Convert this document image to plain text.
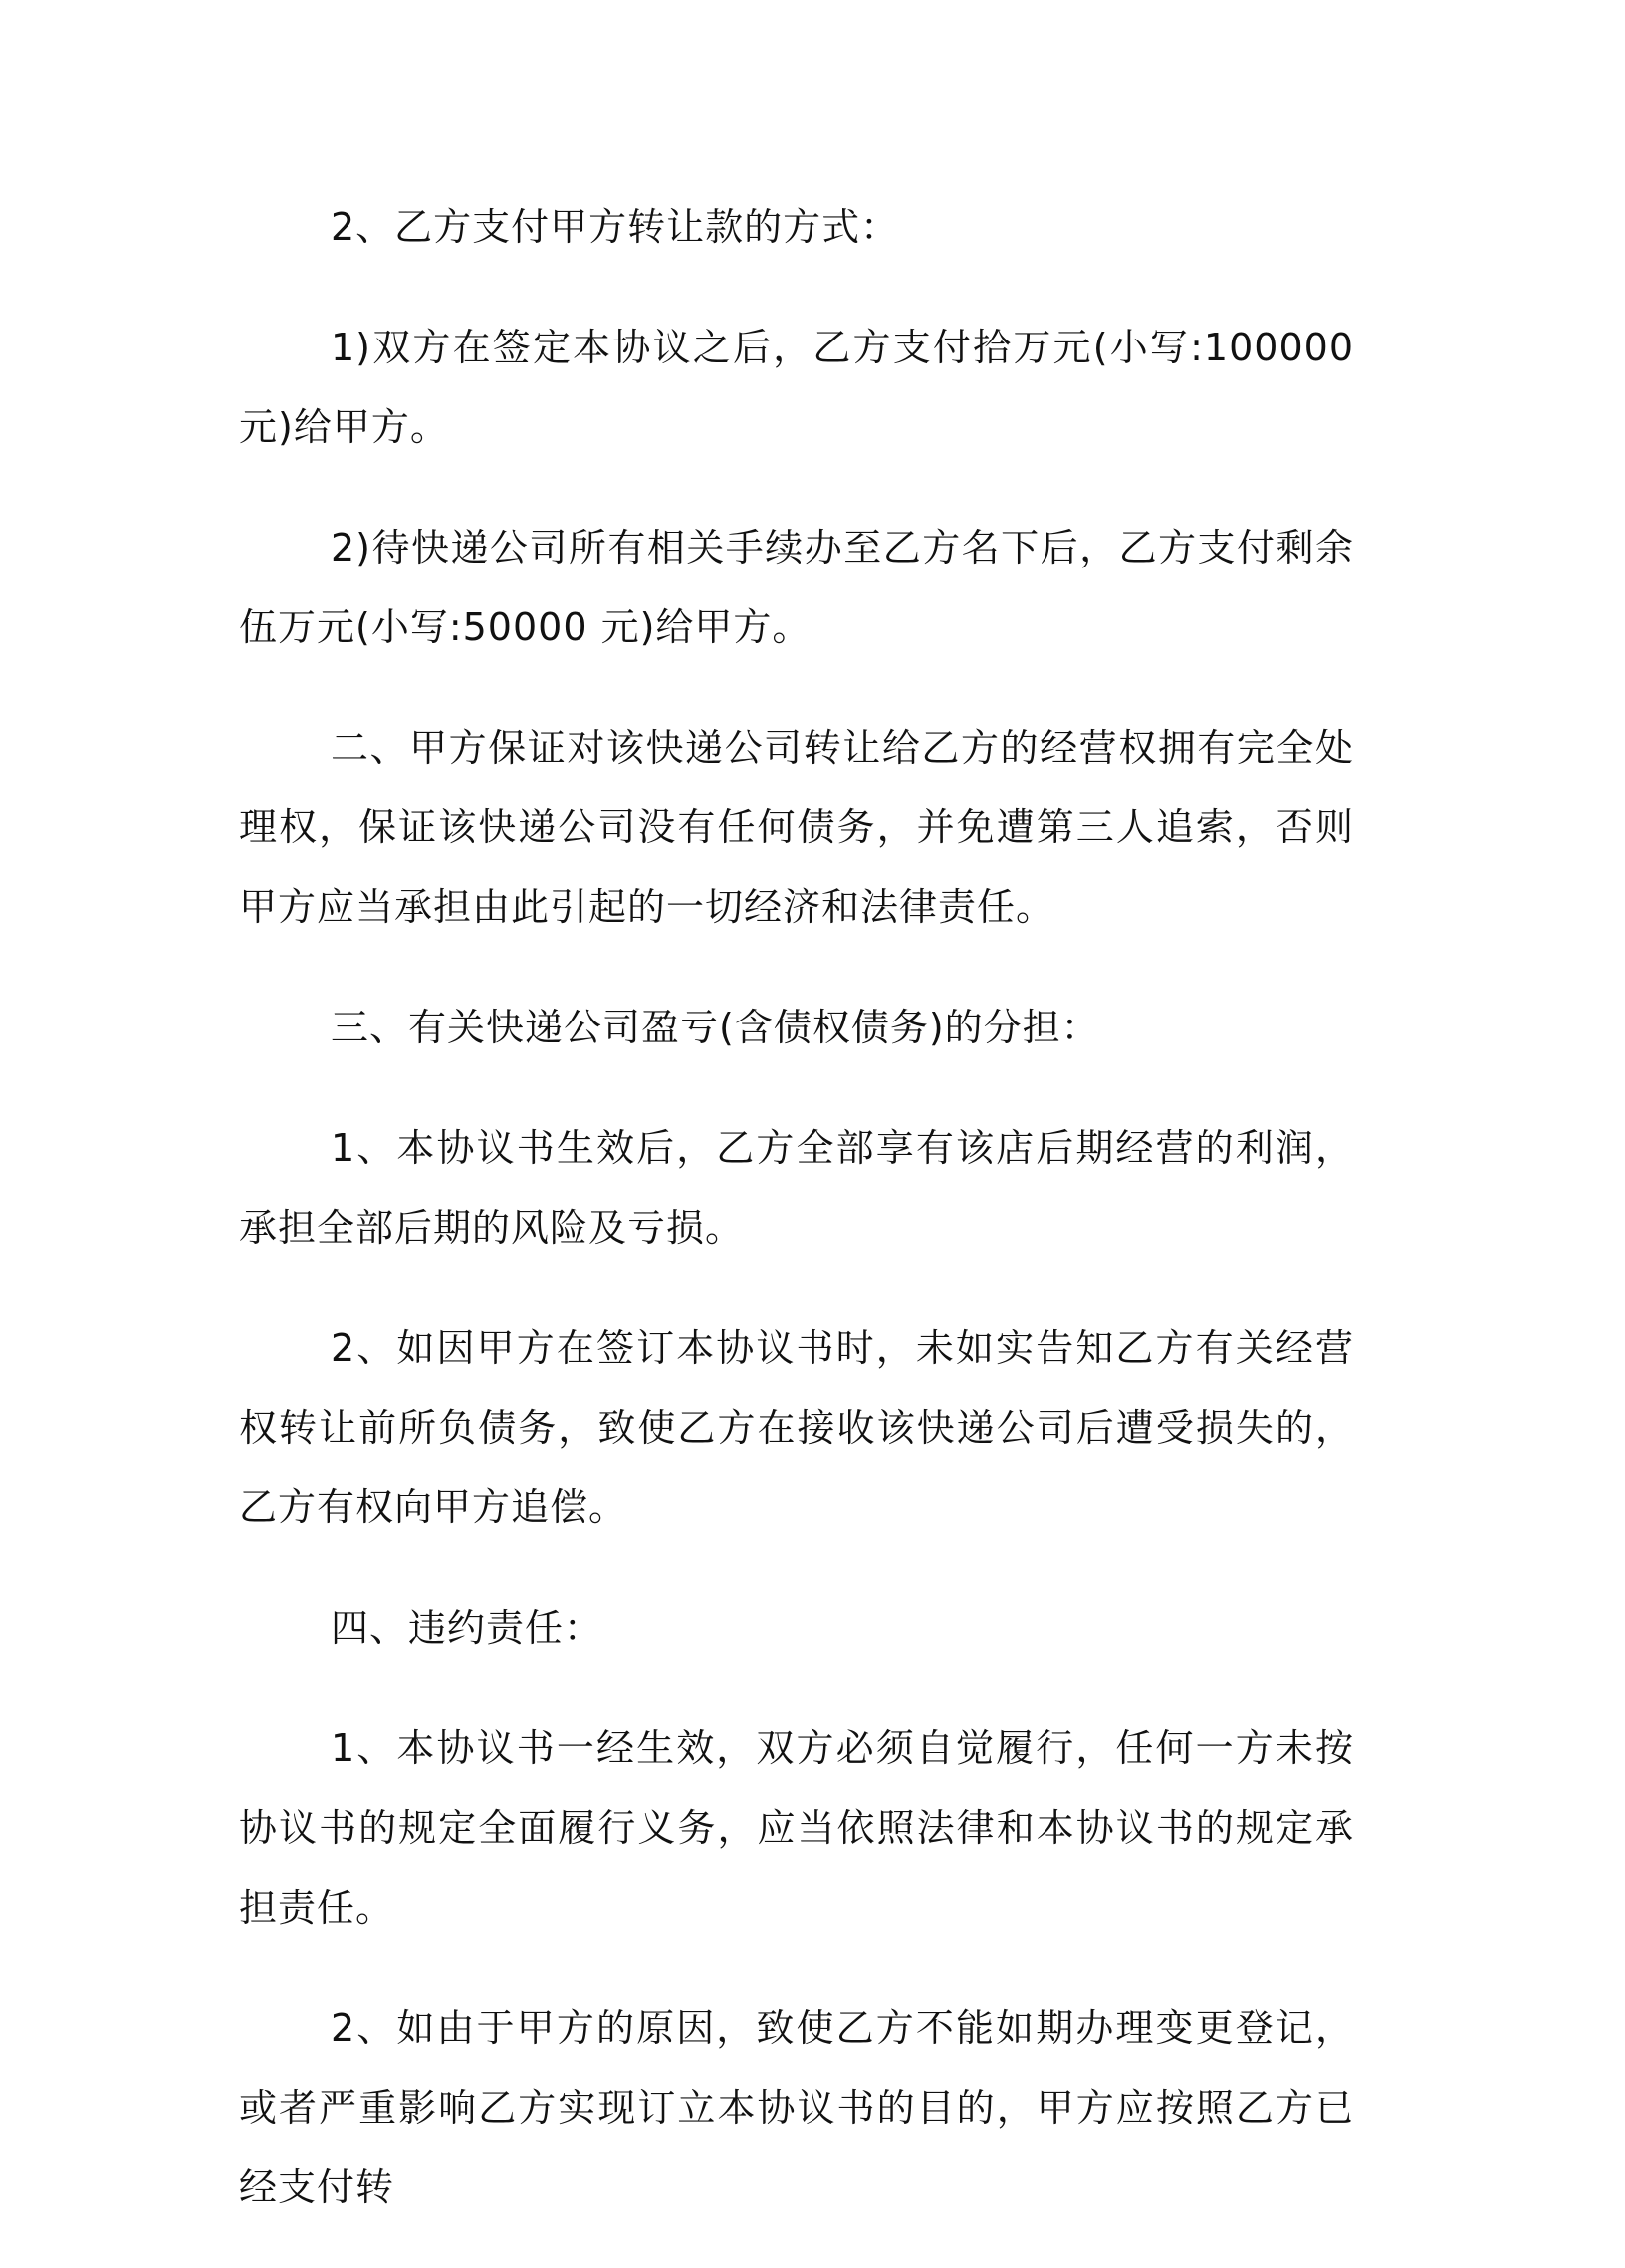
2、乙方支付甲方转让款的方式：

1)双方在签定本协议之后，乙方支付拾万元(小写:100000 元)给甲方。

2)待快递公司所有相关手续办至乙方名下后，乙方支付剩余伍万元(小写:50000 元)给甲方。

二、甲方保证对该快递公司转让给乙方的经营权拥有完全处理权，保证该快递公司没有任何债务，并免遭第三人追索，否则甲方应当承担由此引起的一切经济和法律责任。

三、有关快递公司盈亏(含债权债务)的分担：

1、本协议书生效后，乙方全部享有该店后期经营的利润，承担全部后期的风险及亏损。

2、如因甲方在签订本协议书时，未如实告知乙方有关经营权转让前所负债务，致使乙方在接收该快递公司后遭受损失的，乙方有权向甲方追偿。

四、违约责任：

1、本协议书一经生效，双方必须自觉履行，任何一方未按协议书的规定全面履行义务，应当依照法律和本协议书的规定承担责任。

2、如由于甲方的原因，致使乙方不能如期办理变更登记，或者严重影响乙方实现订立本协议书的目的，甲方应按照乙方已经支付转
